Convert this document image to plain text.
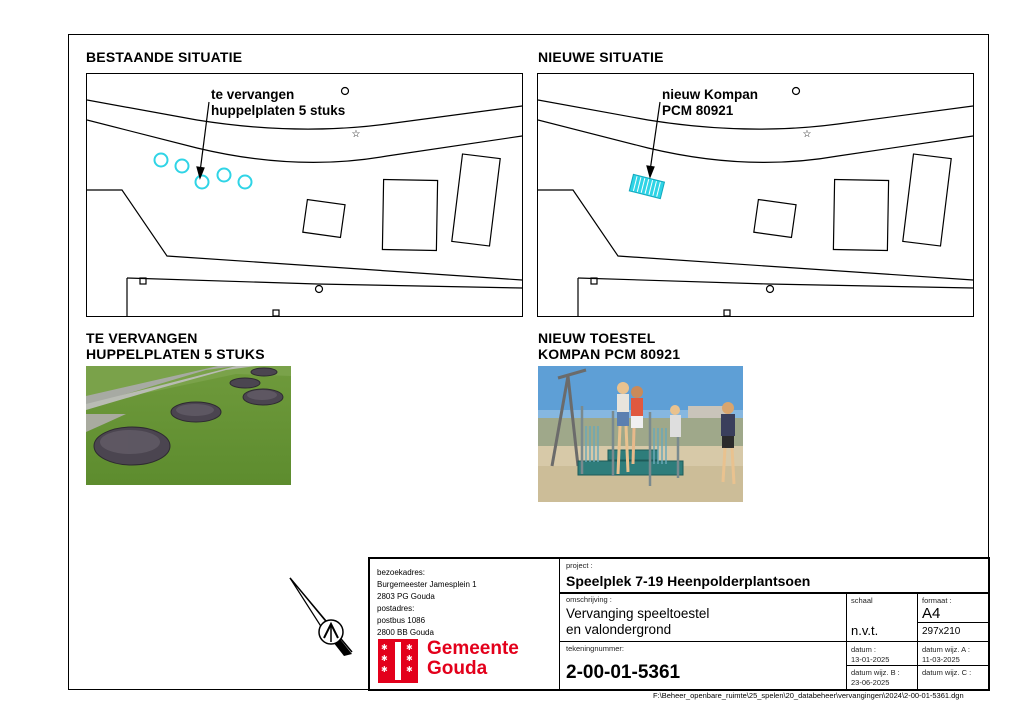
BESTAANDE SITUATIE
☆
te vervangen
huppelplaten 5 stuks
NIEUWE SITUATIE
☆
nieuw Kompan
PCM 80921
TE VERVANGEN
HUPPELPLATEN 5 STUKS
NIEUW TOESTEL
KOMPAN PCM 80921
bezoekadres:
Burgemeester Jamesplein 1
2803 PG Gouda
postadres:
postbus 1086
2800 BB Gouda
✱
✱
✱
✱
✱
✱
Gemeente
Gouda
project :
Speelplek 7-19 Heenpolderplantsoen
omschrijving :
Vervanging speeltoestel
en valondergrond
tekeningnummer:
2-00-01-5361
schaal
n.v.t.
formaat :
A4
297x210
datum :
13-01-2025
datum wijz. A :
11-03-2025
datum wijz. B :
23-06-2025
datum wijz. C :
F:\Beheer_openbare_ruimte\25_spelen\20_databeheer\vervangingen\2024\2-00-01-5361.dgn
